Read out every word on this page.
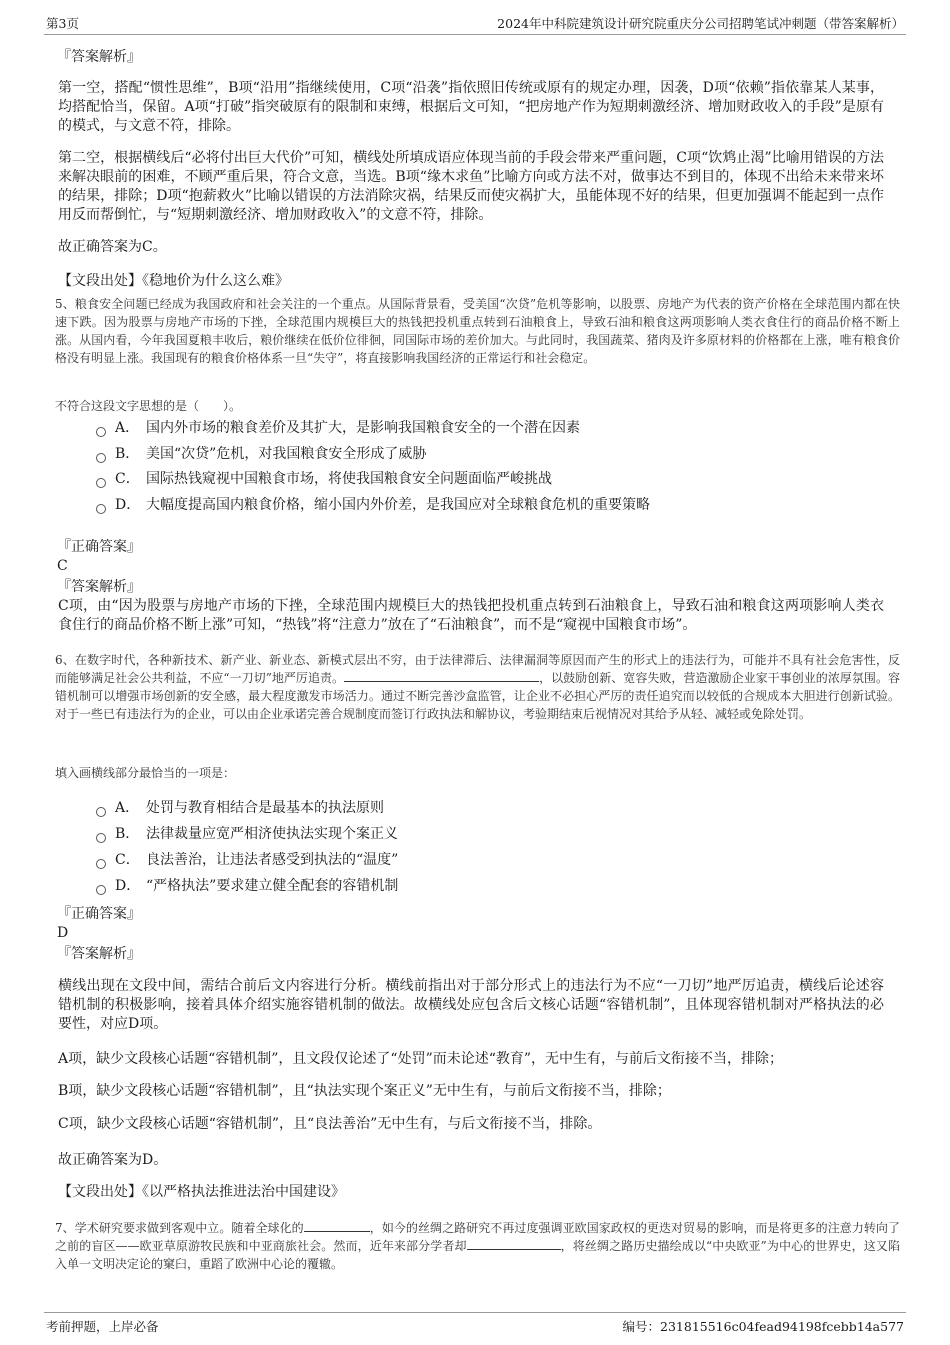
第3页	2024年中科院建筑设计研究院重庆分公司招聘笔试冲刺题（带答案解析）
『答案解析』

第一空，搭配“惯性思维”，B项“沿用”指继续使用，C项“沿袭”指依照旧传统或原有的规定办理，因袭，D项“依赖”指依靠某人某事，均搭配恰当，保留。A项“打破”指突破原有的限制和束缚，根据后文可知，“把房地产作为短期刺激经济、增加财政收入的手段”是原有的模式，与文意不符，排除。

第二空，根据横线后“必将付出巨大代价”可知，横线处所填成语应体现当前的手段会带来严重问题，C项“饮鸩止渴”比喻用错误的方法来解决眼前的困难，不顾严重后果，符合文意，当选。B项“缘木求鱼”比喻方向或方法不对，做事达不到目的，体现不出给未来带来坏的结果，排除；D项“抱薪救火”比喻以错误的方法消除灾祸，结果反而使灾祸扩大，虽能体现不好的结果，但更加强调不能起到一点作用反而帮倒忙，与“短期刺激经济、增加财政收入”的文意不符，排除。

故正确答案为C。
【文段出处】《稳地价为什么这么难》

5、粮食安全问题已经成为我国政府和社会关注的一个重点。从国际背景看，受美国“次贷”危机等影响，以股票、房地产为代表的资产价格在全球范围内都在快速下跌。因为股票与房地产市场的下挫，全球范围内规模巨大的热钱把投机重点转到石油粮食上，导致石油和粮食这两项影响人类衣食住行的商品价格不断上涨。从国内看，今年我国夏粮丰收后，粮价继续在低价位徘徊，同国际市场的差价加大。与此同时，我国蔬菜、猪肉及许多原材料的价格都在上涨，唯有粮食价格没有明显上涨。我国现有的粮食价格体系一旦“失守”，将直接影响我国经济的正常运行和社会稳定。

不符合这段文字思想的是（　　）。
A． 国内外市场的粮食差价及其扩大，是影响我国粮食安全的一个潜在因素
B． 美国“次贷”危机，对我国粮食安全形成了威胁
C． 国际热钱窥视中国粮食市场，将使我国粮食安全问题面临严峻挑战
D． 大幅度提高国内粮食价格，缩小国内外价差，是我国应对全球粮食危机的重要策略
『正确答案』
C
『答案解析』

C项，由“因为股票与房地产市场的下挫，全球范围内规模巨大的热钱把投机重点转到石油粮食上，导致石油和粮食这两项影响人类衣食住行的商品价格不断上涨”可知，“热钱”将“注意力”放在了“石油粮食”，而不是“窥视中国粮食市场”。

6、在数字时代，各种新技术、新产业、新业态、新模式层出不穷，由于法律滞后、法律漏洞等原因而产生的形式上的违法行为，可能并不具有社会危害性，反而能够满足社会公共利益，不应“一刀切”地严厉追责。	，以鼓励创新、宽容失败，营造激励企业家干事创业的浓厚氛围。容错机制可以增强市场创新的安全感，最大程度激发市场活力。通过不断完善沙盒监管，让企业不必担心严厉的责任追究而以较低的合规成本大胆进行创新试验。对于一些已有违法行为的企业，可以由企业承诺完善合规制度而签订行政执法和解协议，考验期结束后视情况对其给予从轻、减轻或免除处罚。

填入画横线部分最恰当的一项是：
A． 处罚与教育相结合是最基本的执法原则
B． 法律裁量应宽严相济使执法实现个案正义
C． 良法善治，让违法者感受到执法的“温度”
D． “严格执法”要求建立健全配套的容错机制
『正确答案』
D
『答案解析』

横线出现在文段中间，需结合前后文内容进行分析。横线前指出对于部分形式上的违法行为不应“一刀切”地严厉追责，横线后论述容错机制的积极影响，接着具体介绍实施容错机制的做法。故横线处应包含后文核心话题“容错机制”，且体现容错机制对严格执法的必要性，对应D项。

A项，缺少文段核心话题“容错机制”，且文段仅论述了“处罚”而未论述“教育”，无中生有，与前后文衔接不当，排除；
B项，缺少文段核心话题“容错机制”，且“执法实现个案正义”无中生有，与前后文衔接不当，排除；
C项，缺少文段核心话题“容错机制”，且“良法善治”无中生有，与后文衔接不当，排除。
故正确答案为D。
【文段出处】《以严格执法推进法治中国建设》

7、学术研究要求做到客观中立。随着全球化的	，如今的丝绸之路研究不再过度强调亚欧国家政权的更迭对贸易的影响，而是将更多的注意力转向了之前的盲区——欧亚草原游牧民族和中亚商旅社会。然而，近年来部分学者却	，将丝绸之路历史描绘成以“中央欧亚”为中心的世界史，这又陷入单一文明决定论的窠臼，重蹈了欧洲中心论的覆辙。

考前押题，上岸必备	编号：231815516c04fead94198fcebb14a577
